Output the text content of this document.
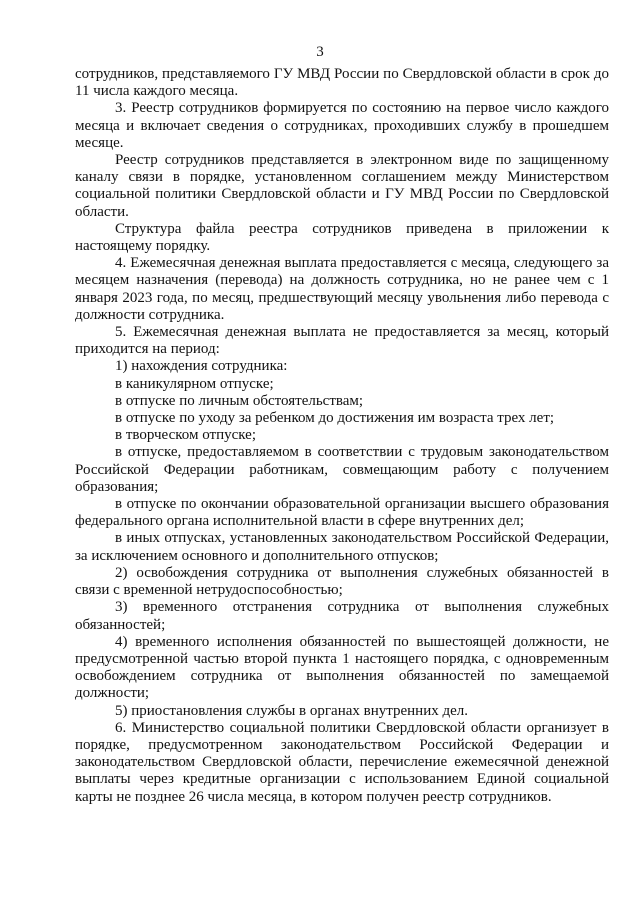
3

сотрудников, представляемого ГУ МВД России по Свердловской области в срок до 11 числа каждого месяца.

3. Реестр сотрудников формируется по состоянию на первое число каждого месяца и включает сведения о сотрудниках, проходивших службу в прошедшем месяце.

Реестр сотрудников представляется в электронном виде по защищенному каналу связи в порядке, установленном соглашением между Министерством социальной политики Свердловской области и ГУ МВД России по Свердловской области.

Структура файла реестра сотрудников приведена в приложении к настоящему порядку.

4. Ежемесячная денежная выплата предоставляется с месяца, следующего за месяцем назначения (перевода) на должность сотрудника, но не ранее чем с 1 января 2023 года, по месяц, предшествующий месяцу увольнения либо перевода с должности сотрудника.

5. Ежемесячная денежная выплата не предоставляется за месяц, который приходится на период:

1) нахождения сотрудника:

в каникулярном отпуске;

в отпуске по личным обстоятельствам;

в отпуске по уходу за ребенком до достижения им возраста трех лет;

в творческом отпуске;

в отпуске, предоставляемом в соответствии с трудовым законодательством Российской Федерации работникам, совмещающим работу с получением образования;

в отпуске по окончании образовательной организации высшего образования федерального органа исполнительной власти в сфере внутренних дел;

в иных отпусках, установленных законодательством Российской Федерации, за исключением основного и дополнительного отпусков;

2) освобождения сотрудника от выполнения служебных обязанностей в связи с временной нетрудоспособностью;

3) временного отстранения сотрудника от выполнения служебных обязанностей;

4) временного исполнения обязанностей по вышестоящей должности, не предусмотренной частью второй пункта 1 настоящего порядка, с одновременным освобождением сотрудника от выполнения обязанностей по замещаемой должности;

5) приостановления службы в органах внутренних дел.

6. Министерство социальной политики Свердловской области организует в порядке, предусмотренном законодательством Российской Федерации и законодательством Свердловской области, перечисление ежемесячной денежной выплаты через кредитные организации с использованием Единой социальной карты не позднее 26 числа месяца, в котором получен реестр сотрудников.
